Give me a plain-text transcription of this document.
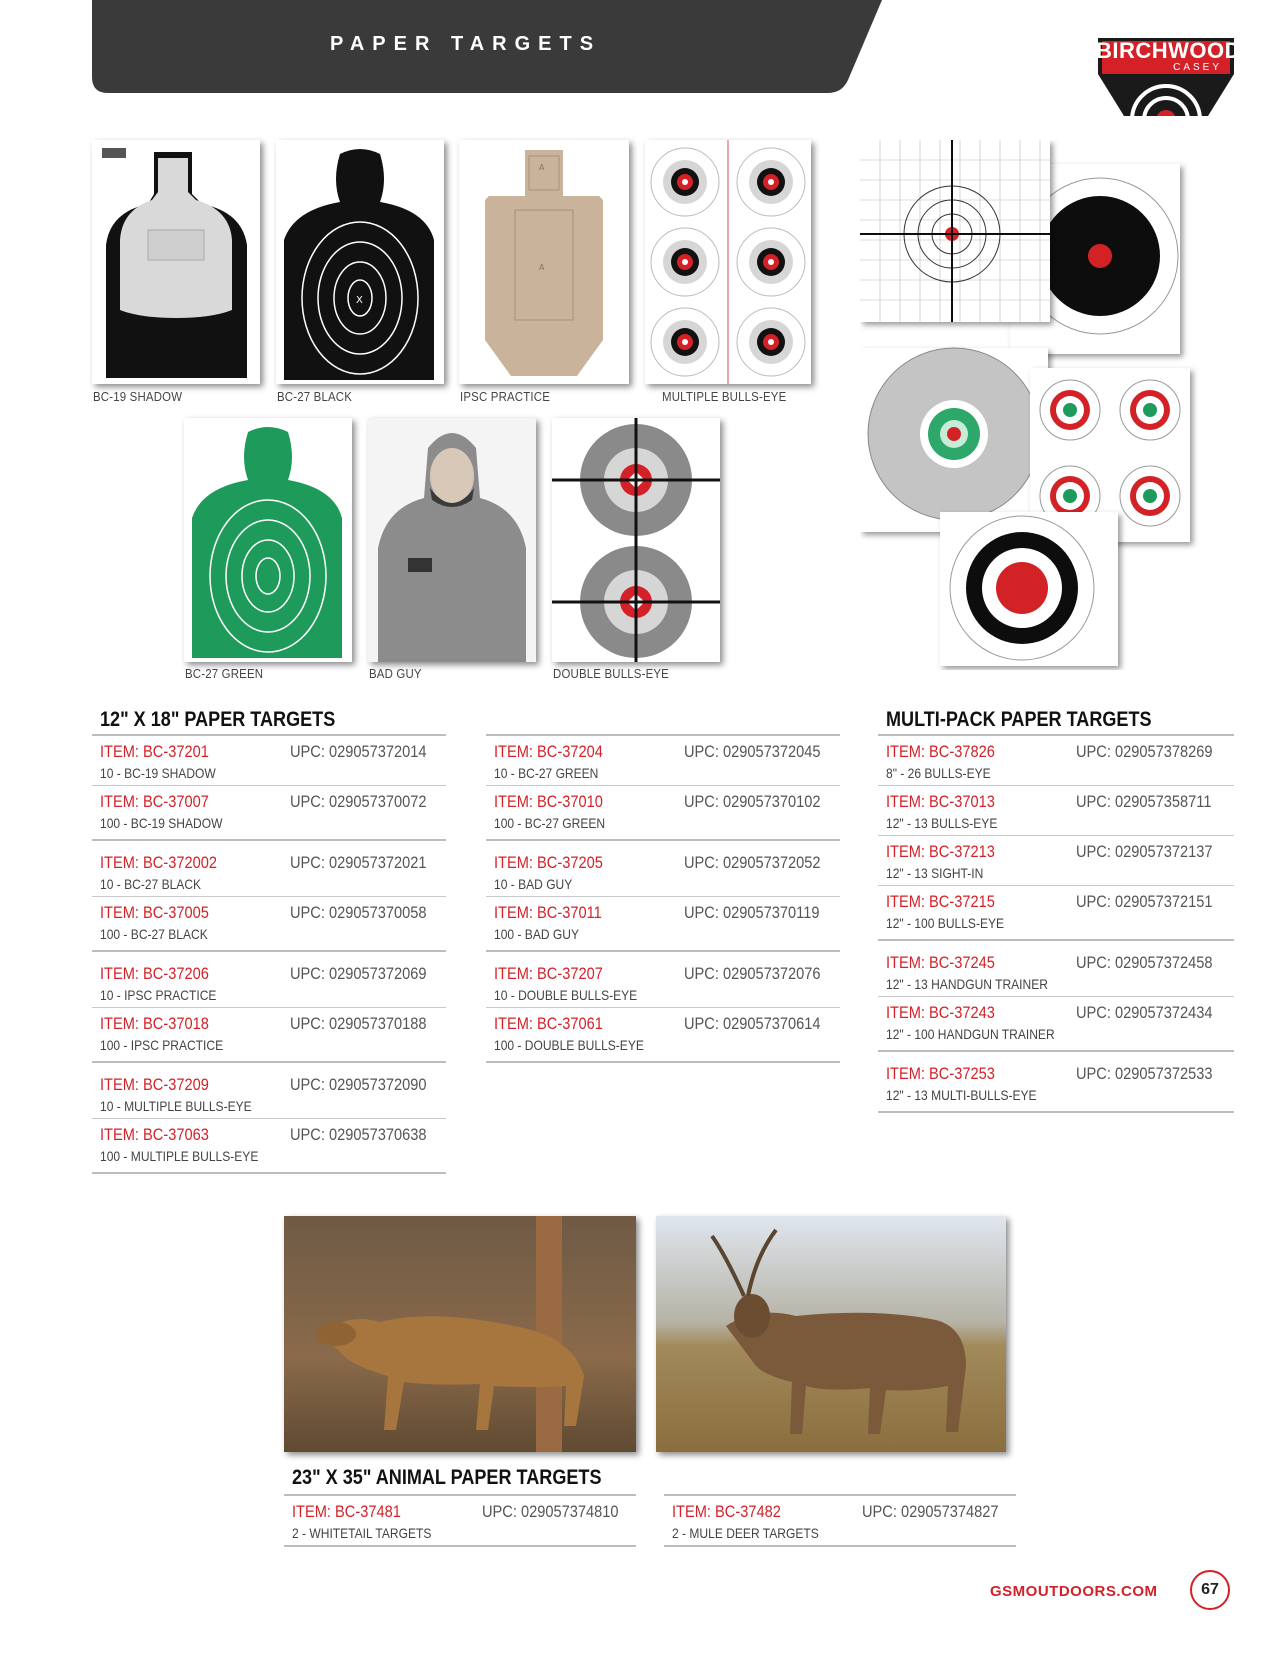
PAPER TARGETS	BIRCHWOOD
CASEY
BC-19 SHADOW
X
BC-27 BLACK
A
A
IPSC PRACTICE	MULTIPLE BULLS-EYE
BC-27 GREEN	BAD GUY	DOUBLE BULLS-EYE
12" X 18" PAPER TARGETS
ITEM: BC-37201	UPC: 029057372014
10 - BC-19 SHADOW
ITEM: BC-37007	UPC: 029057370072
100 - BC-19 SHADOW
ITEM: BC-372002	UPC: 029057372021
10 - BC-27 BLACK
ITEM: BC-37005	UPC: 029057370058
100 - BC-27 BLACK
ITEM: BC-37206	UPC: 029057372069
10 - IPSC PRACTICE
ITEM: BC-37018	UPC: 029057370188
100 - IPSC PRACTICE
ITEM: BC-37209	UPC: 029057372090
10 - MULTIPLE BULLS-EYE
ITEM: BC-37063	UPC: 029057370638
100 - MULTIPLE BULLS-EYE
ITEM: BC-37204	UPC: 029057372045
10 - BC-27 GREEN
ITEM: BC-37010	UPC: 029057370102
100 - BC-27 GREEN
ITEM: BC-37205	UPC: 029057372052
10 - BAD GUY
ITEM: BC-37011	UPC: 029057370119
100 - BAD GUY
ITEM: BC-37207	UPC: 029057372076
10 - DOUBLE BULLS-EYE
ITEM: BC-37061	UPC: 029057370614
100 - DOUBLE BULLS-EYE
MULTI-PACK PAPER TARGETS
ITEM: BC-37826	UPC: 029057378269
8" - 26 BULLS-EYE
ITEM: BC-37013	UPC: 029057358711
12" - 13 BULLS-EYE
ITEM: BC-37213	UPC: 029057372137
12" - 13 SIGHT-IN
ITEM: BC-37215	UPC: 029057372151
12" - 100 BULLS-EYE
ITEM: BC-37245	UPC: 029057372458
12" - 13 HANDGUN TRAINER
ITEM: BC-37243	UPC: 029057372434
12" - 100 HANDGUN TRAINER
ITEM: BC-37253	UPC: 029057372533
12" - 13 MULTI-BULLS-EYE
23" X 35" ANIMAL PAPER TARGETS
ITEM: BC-37481	UPC: 029057374810
2 - WHITETAIL TARGETS
ITEM: BC-37482	UPC: 029057374827
2 - MULE DEER TARGETS
GSMOUTDOORS.COM	67
